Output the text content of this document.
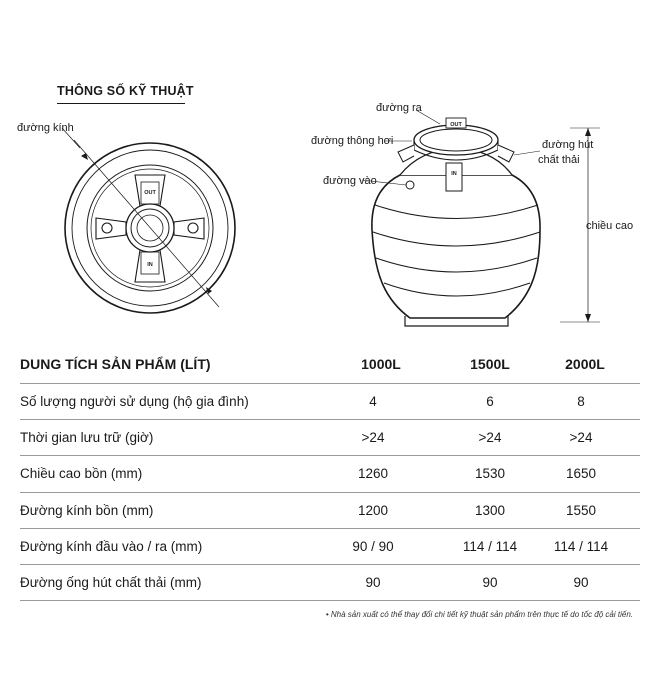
THÔNG SỐ KỸ THUẬT
OUT
IN
đường kính	OUT
IN
đường ra
đường thông hơi
đường vào
đường hút
chất thải
chiều cao
DUNG TÍCH SẢN PHẨM (LÍT)	1000L	1500L	2000L
Số lượng người sử dụng (hộ gia đình)	4	6	8
Thời gian lưu trữ (giờ)	>24	>24	>24
Chiều cao bồn (mm)	1260	1530	1650
Đường kính bồn (mm)	1200	1300	1550
Đường kính đầu vào / ra (mm)	90 / 90	114 / 114	114 / 114
Đường ống hút chất thải (mm)	90	90	90
• Nhà sản xuất có thể thay đổi chi tiết kỹ thuật sản phẩm trên thực tế do tốc độ cải tiến.
